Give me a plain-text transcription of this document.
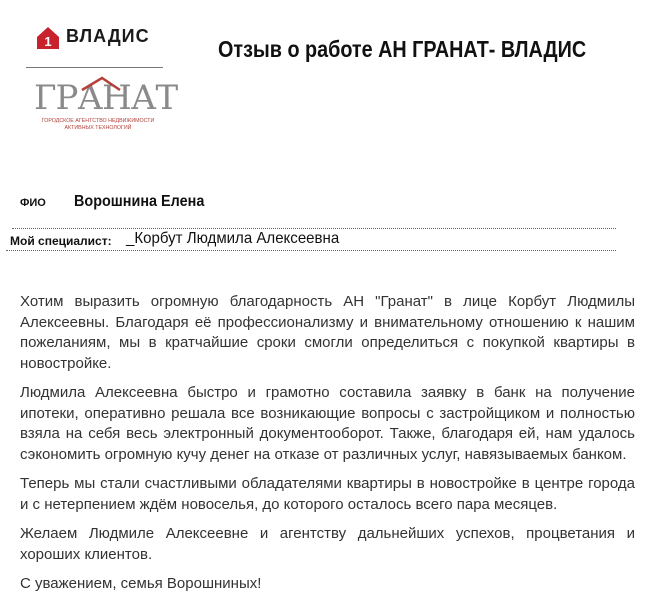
1 ВЛАДИС
ГРАНАТ
ГОРОДСКОЕ АГЕНТСТВО НЕДВИЖИМОСТИ АКТИВНЫХ ТЕХНОЛОГИЙ
Отзыв о работе АН ГРАНАТ- ВЛАДИС
ФИО Ворошнина Елена
Мой специалист: _Корбут Людмила Алексеевна

Хотим выразить огромную благодарность АН "Гранат" в лице Корбут Людмилы Алексеевны. Благодаря её профессионализму и внимательному отношению к нашим пожеланиям, мы в кратчайшие сроки смогли определиться с покупкой квартиры в новостройке.

Людмила Алексеевна быстро и грамотно составила заявку в банк на получение ипотеки, оперативно решала все возникающие вопросы с застройщиком и полностью взяла на себя весь электронный документооборот. Также, благодаря ей, нам удалось сэкономить огромную кучу денег на отказе от различных услуг, навязываемых банком.

Теперь мы стали счастливыми обладателями квартиры в новостройке в центре города и с нетерпением ждём новоселья, до которого осталось всего пара месяцев.

Желаем Людмиле Алексеевне и агентству дальнейших успехов, процветания и хороших клиентов.

С уважением, семья Ворошниных!
